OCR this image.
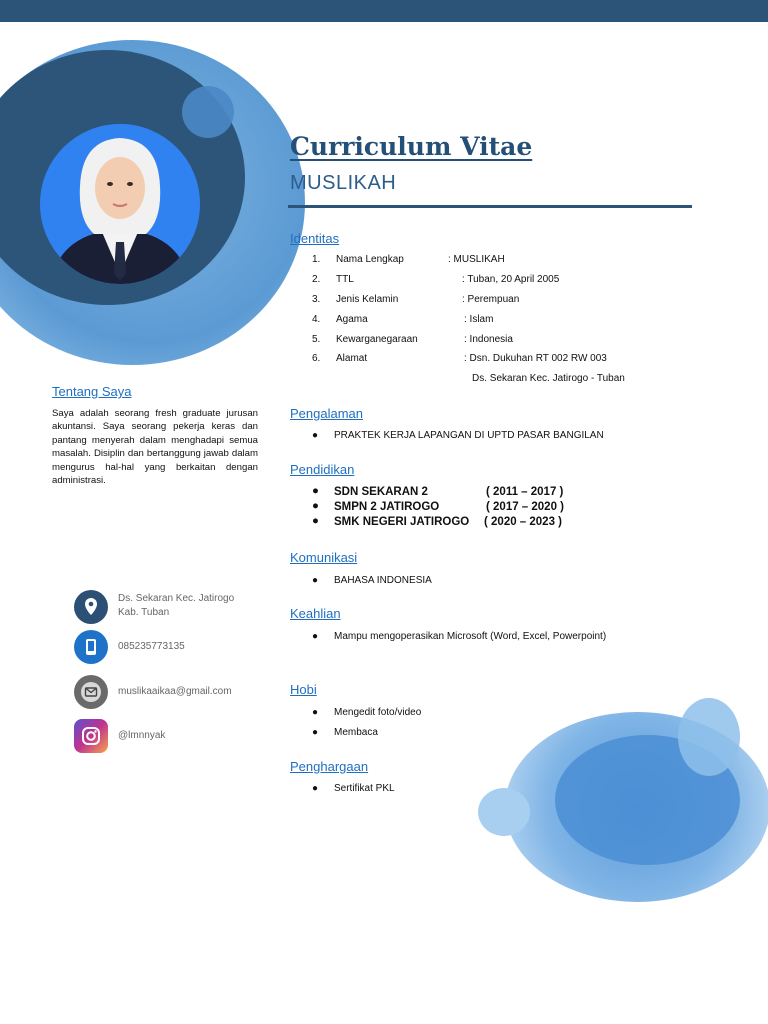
Curriculum Vitae
MUSLIKAH
Identitas
1. Nama Lengkap	: MUSLIKAH
2. TTL	: Tuban, 20 April 2005
3. Jenis Kelamin	: Perempuan
4. Agama	: Islam
5. Kewarganegaraan	: Indonesia
6. Alamat	: Dsn. Dukuhan RT 002 RW 003
Ds. Sekaran Kec. Jatirogo - Tuban
Pengalaman
● PRAKTEK KERJA LAPANGAN DI UPTD PASAR BANGILAN
Pendidikan
● SDN SEKARAN 2	( 2011 – 2017 )
● SMPN 2 JATIROGO	( 2017 – 2020 )
● SMK NEGERI JATIROGO ( 2020 – 2023 )
Komunikasi
● BAHASA INDONESIA
Keahlian
● Mampu mengoperasikan Microsoft (Word, Excel, Powerpoint)
Hobi
● Mengedit foto/video
● Membaca
Penghargaan
● Sertifikat PKL
Tentang Saya
Saya adalah seorang fresh graduate jurusan akuntansi. Saya seorang pekerja keras dan pantang menyerah dalam menghadapi semua masalah. Disiplin dan bertanggung jawab dalam mengurus hal-hal yang berkaitan dengan administrasi.
Ds. Sekaran Kec. Jatirogo
Kab. Tuban
085235773135
muslikaaikaa@gmail.com
@lmnnyak
